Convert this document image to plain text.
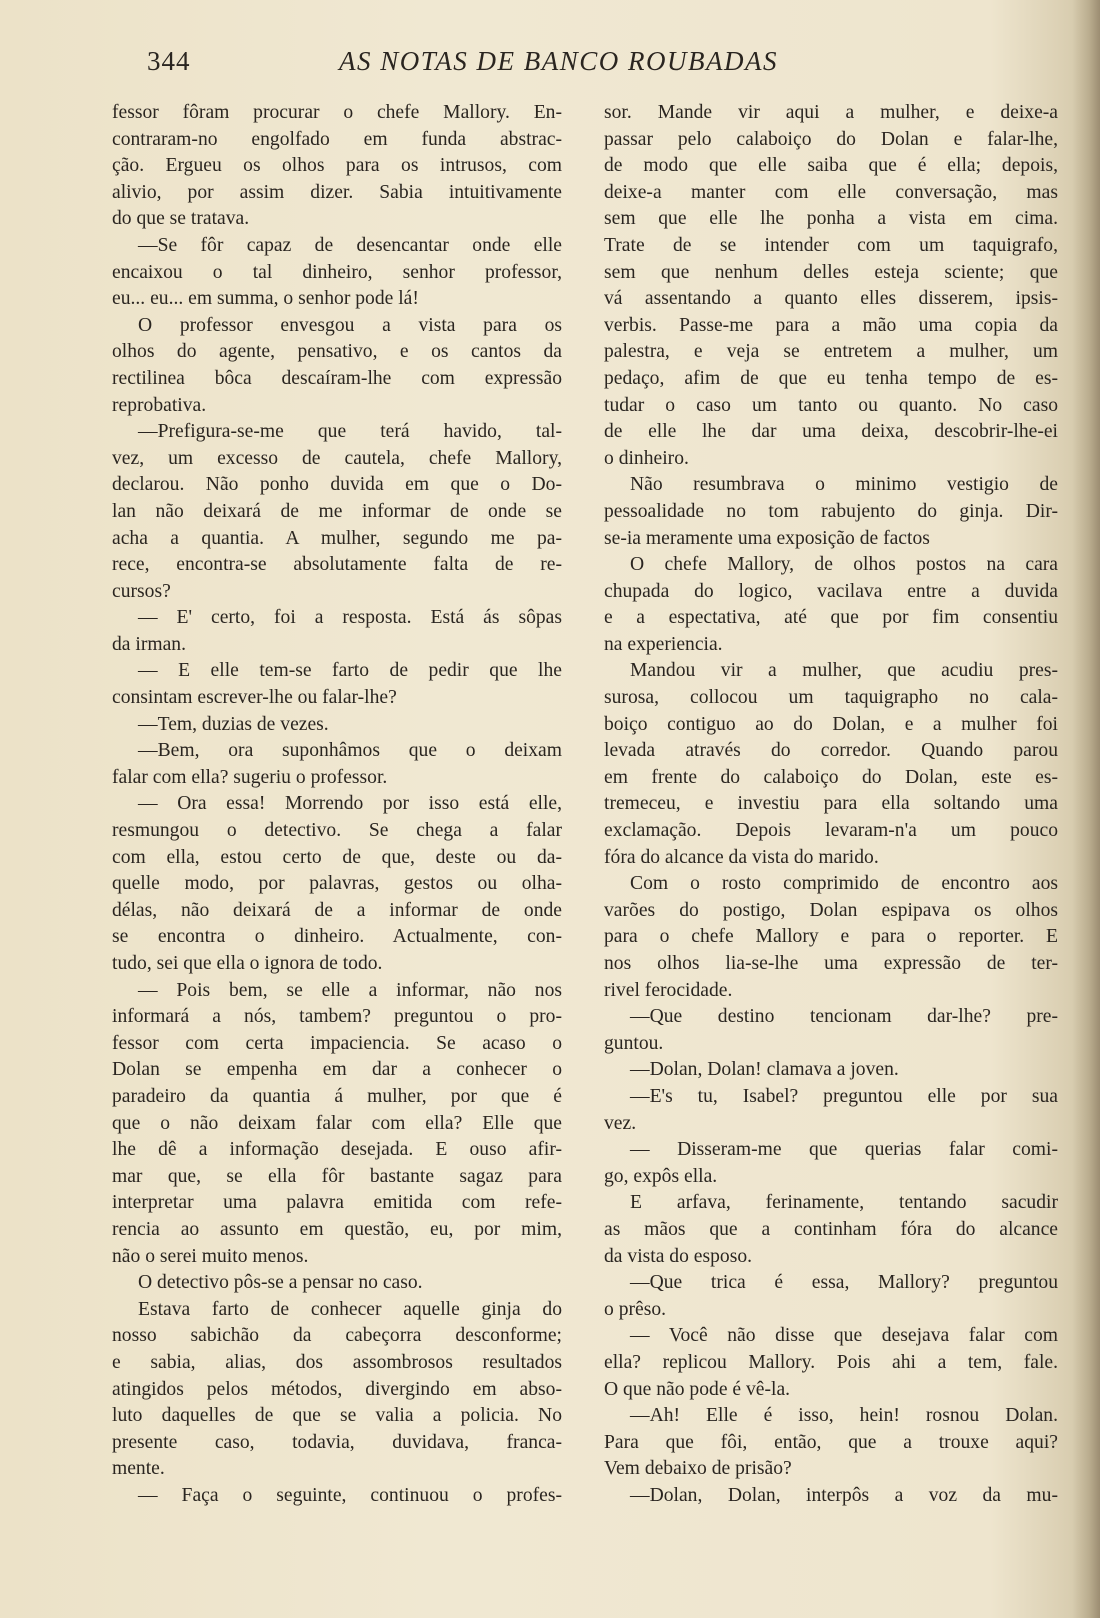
344	AS NOTAS DE BANCO ROUBADAS
fessor fôram procurar o chefe Mallory. En-
contraram-no engolfado em funda abstrac-
ção. Ergueu os olhos para os intrusos, com
alivio, por assim dizer. Sabia intuitivamente
do que se tratava.
—Se fôr capaz de desencantar onde elle
encaixou o tal dinheiro, senhor professor,
eu... eu... em summa, o senhor pode lá!
O professor envesgou a vista para os
olhos do agente, pensativo, e os cantos da
rectilinea bôca descaíram-lhe com expressão
reprobativa.
—Prefigura-se-me que terá havido, tal-
vez, um excesso de cautela, chefe Mallory,
declarou. Não ponho duvida em que o Do-
lan não deixará de me informar de onde se
acha a quantia. A mulher, segundo me pa-
rece, encontra-se absolutamente falta de re-
cursos?
— E' certo, foi a resposta. Está ás sôpas
da irman.
— E elle tem-se farto de pedir que lhe
consintam escrever-lhe ou falar-lhe?
—Tem, duzias de vezes.
—Bem, ora suponhâmos que o deixam
falar com ella? sugeriu o professor.
— Ora essa! Morrendo por isso está elle,
resmungou o detectivo. Se chega a falar
com ella, estou certo de que, deste ou da-
quelle modo, por palavras, gestos ou olha-
délas, não deixará de a informar de onde
se encontra o dinheiro. Actualmente, con-
tudo, sei que ella o ignora de todo.
— Pois bem, se elle a informar, não nos
informará a nós, tambem? preguntou o pro-
fessor com certa impaciencia. Se acaso o
Dolan se empenha em dar a conhecer o
paradeiro da quantia á mulher, por que é
que o não deixam falar com ella? Elle que
lhe dê a informação desejada. E ouso afir-
mar que, se ella fôr bastante sagaz para
interpretar uma palavra emitida com refe-
rencia ao assunto em questão, eu, por mim,
não o serei muito menos.
O detectivo pôs-se a pensar no caso.
Estava farto de conhecer aquelle ginja do
nosso sabichão da cabeçorra desconforme;
e sabia, alias, dos assombrosos resultados
atingidos pelos métodos, divergindo em abso-
luto daquelles de que se valia a policia. No
presente caso, todavia, duvidava, franca-
mente.
— Faça o seguinte, continuou o profes-
sor. Mande vir aqui a mulher, e deixe-a
passar pelo calaboiço do Dolan e falar-lhe,
de modo que elle saiba que é ella; depois,
deixe-a manter com elle conversação, mas
sem que elle lhe ponha a vista em cima.
Trate de se intender com um taquigrafo,
sem que nenhum delles esteja sciente; que
vá assentando a quanto elles disserem, ipsis-
verbis. Passe-me para a mão uma copia da
palestra, e veja se entretem a mulher, um
pedaço, afim de que eu tenha tempo de es-
tudar o caso um tanto ou quanto. No caso
de elle lhe dar uma deixa, descobrir-lhe-ei
o dinheiro.
Não resumbrava o minimo vestigio de
pessoalidade no tom rabujento do ginja. Dir-
se-ia meramente uma exposição de factos
O chefe Mallory, de olhos postos na cara
chupada do logico, vacilava entre a duvida
e a espectativa, até que por fim consentiu
na experiencia.
Mandou vir a mulher, que acudiu pres-
surosa, collocou um taquigrapho no cala-
boiço contiguo ao do Dolan, e a mulher foi
levada através do corredor. Quando parou
em frente do calaboiço do Dolan, este es-
tremeceu, e investiu para ella soltando uma
exclamação. Depois levaram-n'a um pouco
fóra do alcance da vista do marido.
Com o rosto comprimido de encontro aos
varões do postigo, Dolan espipava os olhos
para o chefe Mallory e para o reporter. E
nos olhos lia-se-lhe uma expressão de ter-
rivel ferocidade.
—Que destino tencionam dar-lhe? pre-
guntou.
—Dolan, Dolan! clamava a joven.
—E's tu, Isabel? preguntou elle por sua
vez.
— Disseram-me que querias falar comi-
go, expôs ella.
E arfava, ferinamente, tentando sacudir
as mãos que a continham fóra do alcance
da vista do esposo.
—Que trica é essa, Mallory? preguntou
o prêso.
— Você não disse que desejava falar com
ella? replicou Mallory. Pois ahi a tem, fale.
O que não pode é vê-la.
—Ah! Elle é isso, hein! rosnou Dolan.
Para que fôi, então, que a trouxe aqui?
Vem debaixo de prisão?
—Dolan, Dolan, interpôs a voz da mu-
